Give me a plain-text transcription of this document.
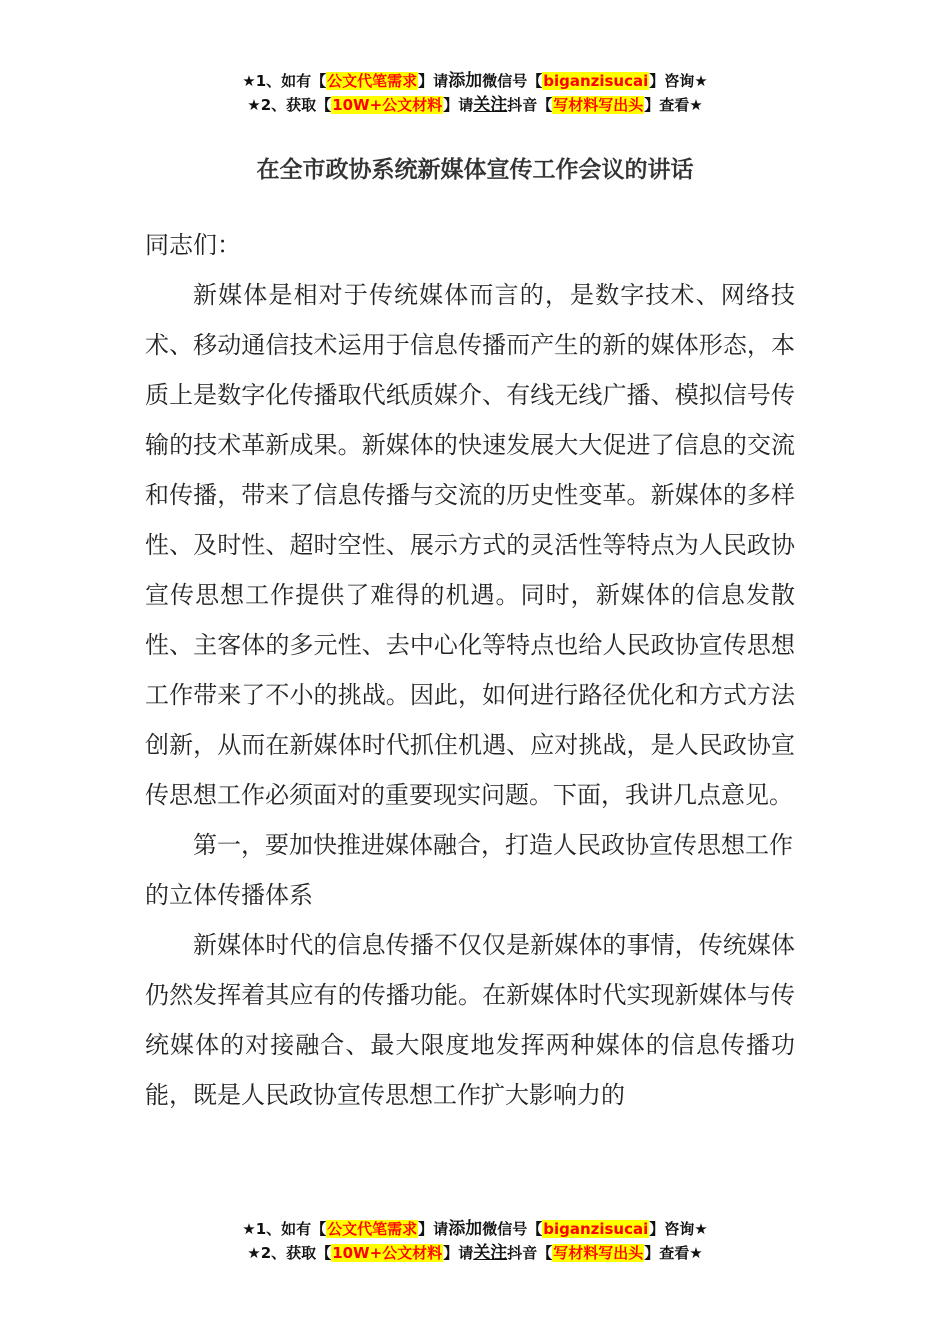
★1、如有【公文代笔需求】请添加微信号【biganzisucai】咨询★
★2、获取【10W+公文材料】请关注抖音【写材料写出头】查看★
在全市政协系统新媒体宣传工作会议的讲话

同志们：

新媒体是相对于传统媒体而言的，是数字技术、网络技术、移动通信技术运用于信息传播而产生的新的媒体形态，本质上是数字化传播取代纸质媒介、有线无线广播、模拟信号传输的技术革新成果。新媒体的快速发展大大促进了信息的交流和传播，带来了信息传播与交流的历史性变革。新媒体的多样性、及时性、超时空性、展示方式的灵活性等特点为人民政协宣传思想工作提供了难得的机遇。同时，新媒体的信息发散性、主客体的多元性、去中心化等特点也给人民政协宣传思想工作带来了不小的挑战。因此，如何进行路径优化和方式方法创新，从而在新媒体时代抓住机遇、应对挑战，是人民政协宣传思想工作必须面对的重要现实问题。下面，我讲几点意见。

第一，要加快推进媒体融合，打造人民政协宣传思想工作的立体传播体系

新媒体时代的信息传播不仅仅是新媒体的事情，传统媒体仍然发挥着其应有的传播功能。在新媒体时代实现新媒体与传统媒体的对接融合、最大限度地发挥两种媒体的信息传播功能，既是人民政协宣传思想工作扩大影响力的

★1、如有【公文代笔需求】请添加微信号【biganzisucai】咨询★
★2、获取【10W+公文材料】请关注抖音【写材料写出头】查看★
